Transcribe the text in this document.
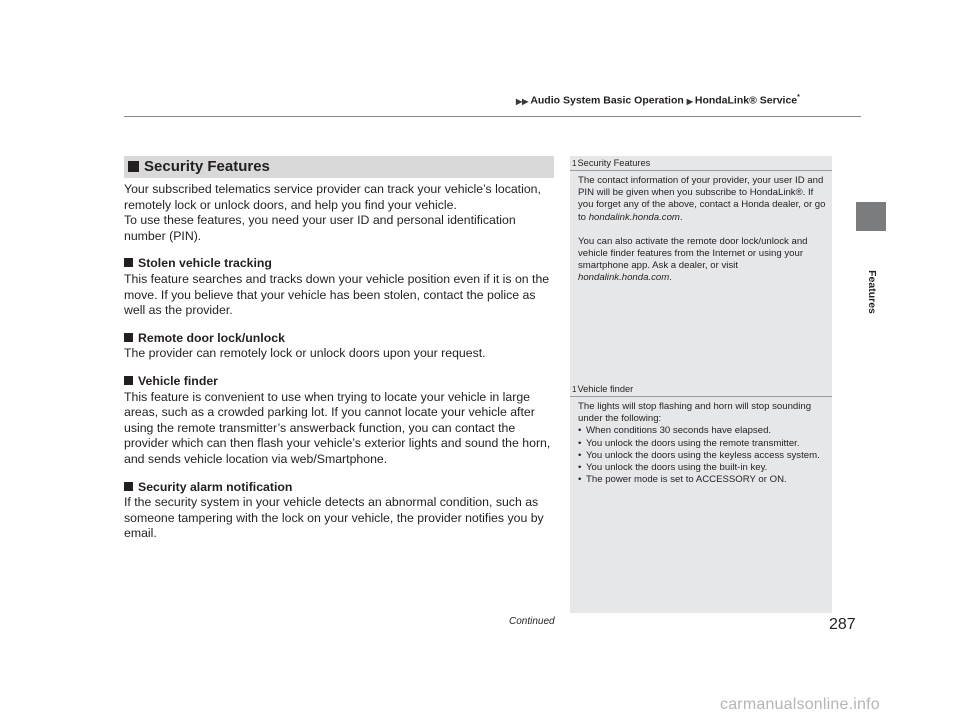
▶▶ Audio System Basic Operation ▶ HondaLink® Service*
Features
Security Features

Your subscribed telematics service provider can track your vehicle’s location, remotely lock or unlock doors, and help you find your vehicle.

To use these features, you need your user ID and personal identification number (PIN).

Stolen vehicle tracking

This feature searches and tracks down your vehicle position even if it is on the move. If you believe that your vehicle has been stolen, contact the police as well as the provider.

Remote door lock/unlock

The provider can remotely lock or unlock doors upon your request.

Vehicle finder

This feature is convenient to use when trying to locate your vehicle in large areas, such as a crowded parking lot. If you cannot locate your vehicle after using the remote transmitter’s answerback function, you can contact the provider which can then flash your vehicle’s exterior lights and sound the horn, and sends vehicle location via web/Smartphone.

Security alarm notification

If the security system in your vehicle detects an abnormal condition, such as someone tampering with the lock on your vehicle, the provider notifies you by email.

1Security Features

The contact information of your provider, your user ID and PIN will be given when you subscribe to HondaLink®. If you forget any of the above, contact a Honda dealer, or go to hondalink.honda.com.

You can also activate the remote door lock/unlock and vehicle finder features from the Internet or using your smartphone app. Ask a dealer, or visit hondalink.honda.com.

1Vehicle finder

The lights will stop flashing and horn will stop sounding under the following:

• When conditions 30 seconds have elapsed.
• You unlock the doors using the remote transmitter.
• You unlock the doors using the keyless access system.
• You unlock the doors using the built-in key.
• The power mode is set to ACCESSORY or ON.
Continued	287
carmanualsonline.info
